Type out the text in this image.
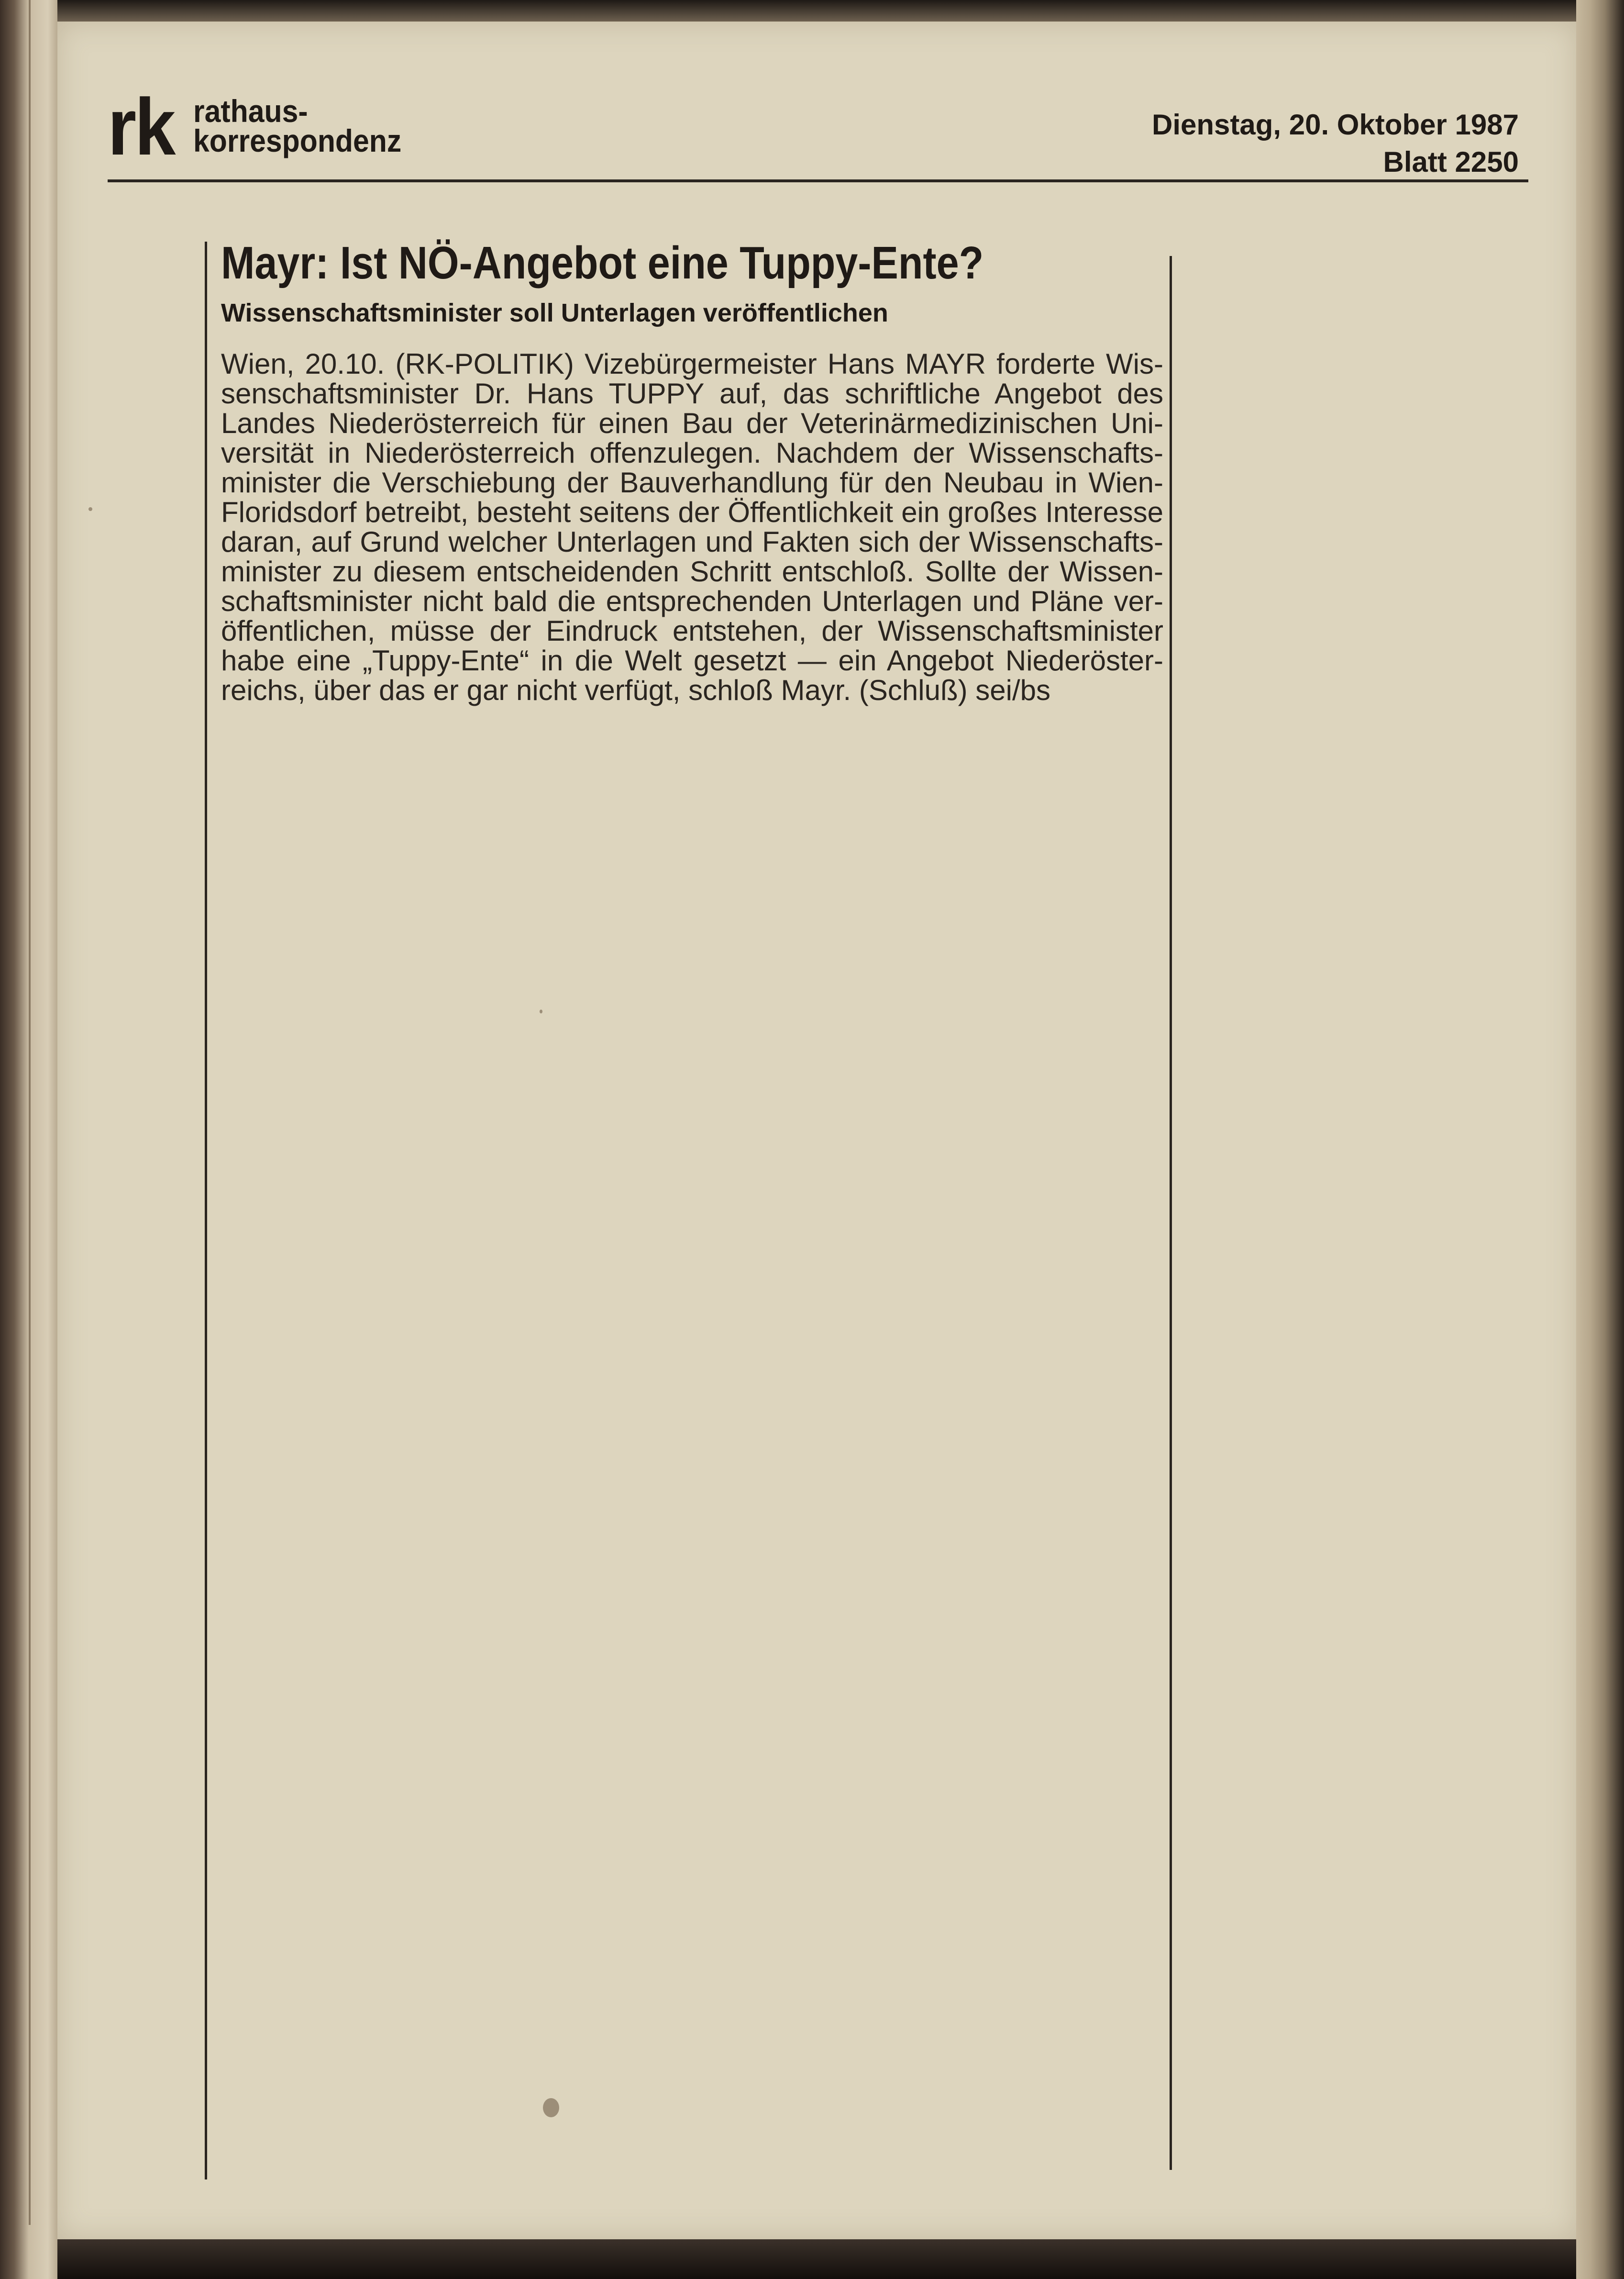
rk rathaus-
korrespondenz	Dienstag, 20. Oktober 1987
Blatt 2250
Mayr: Ist NÖ-Angebot eine Tuppy-Ente?
Wissenschaftsminister soll Unterlagen veröffentlichen
Wien, 20.10. (RK-POLITIK) Vizebürgermeister Hans MAYR forderte Wis-
senschaftsminister Dr. Hans TUPPY auf, das schriftliche Angebot des
Landes Niederösterreich für einen Bau der Veterinärmedizinischen Uni-
versität in Niederösterreich offenzulegen. Nachdem der Wissenschafts-
minister die Verschiebung der Bauverhandlung für den Neubau in Wien-
Floridsdorf betreibt, besteht seitens der Öffentlichkeit ein großes Interesse
daran, auf Grund welcher Unterlagen und Fakten sich der Wissenschafts-
minister zu diesem entscheidenden Schritt entschloß. Sollte der Wissen-
schaftsminister nicht bald die entsprechenden Unterlagen und Pläne ver-
öffentlichen, müsse der Eindruck entstehen, der Wissenschaftsminister
habe eine „Tuppy-Ente“ in die Welt gesetzt — ein Angebot Niederöster-
reichs, über das er gar nicht verfügt, schloß Mayr. (Schluß) sei/bs
